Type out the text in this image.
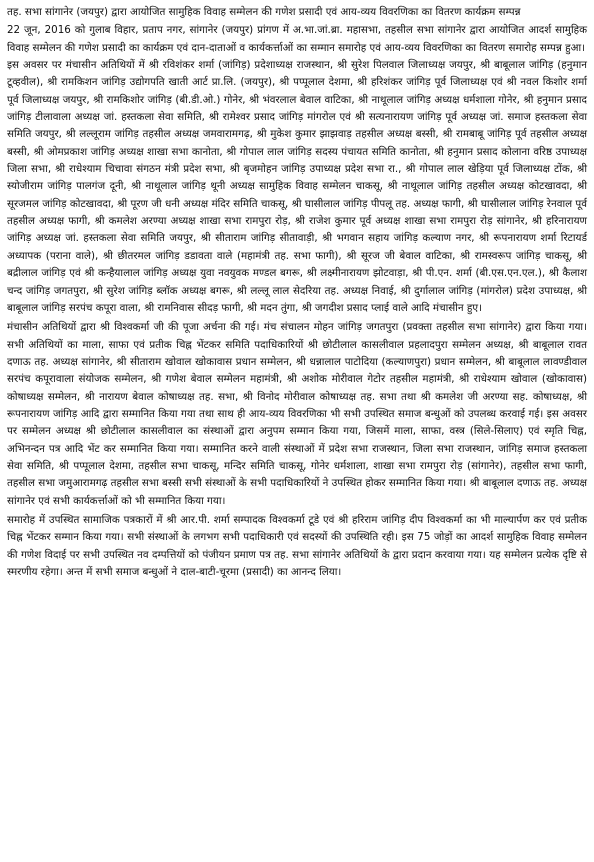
तह. सभा सांगानेर (जयपुर) द्वारा आयोजित सामुहिक विवाह सम्मेलन की गणेश प्रसादी एवं आय-व्यय विवरणिका का वितरण कार्यक्रम सम्पन्न

22 जून, 2016 को गुलाब विहार, प्रताप नगर, सांगानेर (जयपुर) प्रांगण में अ.भा.जां.ब्रा. महासभा, तहसील सभा सांगानेर द्वारा आयोजित आदर्श सामुहिक विवाह सम्मेलन की गणेश प्रसादी का कार्यक्रम एवं दान-दाताओं व कार्यकर्त्ताओं का सम्मान समारोह एवं आय-व्यय विवरणिका का वितरण समारोह सम्पन्न हुआ।

इस अवसर पर मंचासीन अतिथियों में श्री रविशंकर शर्मा (जांगिड़) प्रदेशाध्यक्ष राजस्थान, श्री सुरेश पिलवाल जिलाध्यक्ष जयपुर, श्री बाबूलाल जांगिड़ (हनुमान टूव्हवील), श्री रामकिशन जांगिड़ उद्योगपति खाती आर्ट प्रा.लि. (जयपुर), श्री पप्पूलाल देशमा, श्री हरिशंकर जांगिड़ पूर्व जिलाध्यक्ष एवं श्री नवल किशोर शर्मा पूर्व जिलाध्यक्ष जयपुर, श्री रामकिशोर जांगिड़ (बी.डी.ओ.) गोनेर, श्री भंवरलाल बेवाल वाटिका, श्री नाथूलाल जांगिड़ अध्यक्ष धर्मशाला गोनेर, श्री हनुमान प्रसाद जांगिड़ टीलावाला अध्यक्ष जां. हस्तकला सेवा समिति, श्री रामेश्वर प्रसाद जांगिड़ मांगरोल एवं श्री सत्यनारायण जांगिड़ पूर्व अध्यक्ष जां. समाज हस्तकला सेवा समिति जयपुर, श्री लल्लूराम जांगिड़ तहसील अध्यक्ष जमवारामगढ़, श्री मुकेश कुमार झाझवाड़ तहसील अध्यक्ष बस्सी, श्री रामबाबू जांगिड़ पूर्व तहसील अध्यक्ष बस्सी, श्री ओमप्रकाश जांगिड़ अध्यक्ष शाखा सभा कानोता, श्री गोपाल लाल जांगिड़ सदस्य पंचायत समिति कानोता, श्री हनुमान प्रसाद कोलाना वरिष्ठ उपाध्यक्ष जिला सभा, श्री राधेश्याम चिचावा संगठन मंत्री प्रदेश सभा, श्री बृजमोहन जांगिड़ उपाध्यक्ष प्रदेश सभा रा., श्री गोपाल लाल खेड़िया पूर्व जिलाध्यक्ष टोंक, श्री स्योजीराम जांगिड़ पालगंज दूनी, श्री नाथूलाल जांगिड़ थूनी अध्यक्ष सामुहिक विवाह सम्मेलन चाकसू, श्री नाथूलाल जांगिड़ तहसील अध्यक्ष कोटखावदा, श्री सूरजमल जांगिड़ कोटखावदा, श्री पूरण जी धनी अध्यक्ष मंदिर समिति चाकसू, श्री घासीलाल जांगिड़ पीपलू तह. अध्यक्ष फागी, श्री घासीलाल जांगिड़ रेनवाल पूर्व तहसील अध्यक्ष फागी, श्री कमलेश अरण्या अध्यक्ष शाखा सभा रामपुरा रोड़, श्री राजेश कुमार पूर्व अध्यक्ष शाखा सभा रामपुरा रोड़ सांगानेर, श्री हरिनारायण जांगिड़ अध्यक्ष जां. हस्तकला सेवा समिति जयपुर, श्री सीताराम जांगिड़ सीतावाड़ी, श्री भगवान सहाय जांगिड़ कल्याण नगर, श्री रूपनारायण शर्मा रिटायर्ड अध्यापक (पराना वाले), श्री छीतरमल जांगिड़ डडावता वाले (महामंत्री तह. सभा फागी), श्री सूरज जी बेवाल वाटिका, श्री रामस्वरूप जांगिड़ चाकसू, श्री बद्रीलाल जांगिड़ एवं श्री कन्हैयालाल जांगिड़ अध्यक्ष युवा नवयुवक मण्डल बगरू, श्री लक्ष्मीनारायण झोटवाड़ा, श्री पी.एन. शर्मा (बी.एस.एन.एल.), श्री कैलाश चन्द जांगिड़ जगतपुरा, श्री सुरेश जांगिड़ ब्लॉक अध्यक्ष बगरू, श्री लल्लू लाल सेदरिया तह. अध्यक्ष निवाई, श्री दुर्गालाल जांगिड़ (मांगरोल) प्रदेश उपाध्यक्ष, श्री बाबूलाल जांगिड़ सरपंच कपूरा वाला, श्री रामनिवास सीदड़ फागी, श्री मदन तुंगा, श्री जगदीश प्रसाद प्लाई वाले आदि मंचासीन हुए।

मंचासीन अतिथियों द्वारा श्री विश्वकर्मा जी की पूजा अर्चना की गई। मंच संचालन मोहन जांगिड़ जगतपुरा (प्रवक्ता तहसील सभा सांगानेर) द्वारा किया गया। सभी अतिथियों का माला, साफा एवं प्रतीक चिह्न भेंटकर समिति पदाधिकारियों श्री छोटीलाल कासलीवाल प्रहलादपुरा सम्मेलन अध्यक्ष, श्री बाबूलाल रावत दणाऊ तह. अध्यक्ष सांगानेर, श्री सीताराम खोवाल खोकावास प्रधान सम्मेलन, श्री धन्नालाल पाटोदिया (कल्याणपुरा) प्रधान सम्मेलन, श्री बाबूलाल लावण्डीवाल सरपंच कपूरावाला संयोजक सम्मेलन, श्री गणेश बेवाल सम्मेलन महामंत्री, श्री अशोक मोरीवाल गेटोर तहसील महामंत्री, श्री राधेश्याम खोवाल (खोकावास) कोषाध्यक्ष सम्मेलन, श्री नारायण बेवाल कोषाध्यक्ष तह. सभा, श्री विनोद मोरीवाल कोषाध्यक्ष तह. सभा तथा श्री कमलेश जी अरण्या सह. कोषाध्यक्ष, श्री रूपनारायण जांगिड़ आदि द्वारा सम्मानित किया गया तथा साथ ही आय-व्यय विवरणिका भी सभी उपस्थित समाज बन्धुओं को उपलब्ध करवाई गई। इस अवसर पर सम्मेलन अध्यक्ष श्री छोटीलाल कासलीवाल का संस्थाओं द्वारा अनुपम सम्मान किया गया, जिसमें माला, साफा, वस्त्र (सिले-सिलाए) एवं स्मृति चिह्न, अभिनन्दन पत्र आदि भेंट कर सम्मानित किया गया। सम्मानित करने वाली संस्थाओं में प्रदेश सभा राजस्थान, जिला सभा राजस्थान, जांगिड़ समाज हस्तकला सेवा समिति, श्री पप्पूलाल देशमा, तहसील सभा चाकसू, मन्दिर समिति चाकसू, गोनेर धर्मशाला, शाखा सभा रामपुरा रोड़ (सांगानेर), तहसील सभा फागी, तहसील सभा जमुआरामगढ़ तहसील सभा बस्सी सभी संस्थाओं के सभी पदाधिकारियों ने उपस्थित होकर सम्मानित किया गया। श्री बाबूलाल दणाऊ तह. अध्यक्ष सांगानेर एवं सभी कार्यकर्त्ताओं को भी सम्मानित किया गया।

समारोह में उपस्थित सामाजिक पत्रकारों में श्री आर.पी. शर्मा सम्पादक विश्वकर्मा टूडे एवं श्री हरिराम जांगिड़ दीप विश्वकर्मा का भी माल्यार्पण कर एवं प्रतीक चिह्न भेंटकर सम्मान किया गया। सभी संस्थाओं के लगभग सभी पदाधिकारी एवं सदस्यों की उपस्थिति रही। इस 75 जोड़ों का आदर्श सामुहिक विवाह सम्मेलन की गणेश विदाई पर सभी उपस्थित नव दम्पत्तियों को पंजीयन प्रमाण पत्र तह. सभा सांगानेर अतिथियों के द्वारा प्रदान करवाया गया। यह सम्मेलन प्रत्येक दृष्टि से स्मरणीय रहेगा। अन्त में सभी समाज बन्धुओं ने दाल-बाटी-चूरमा (प्रसादी) का आनन्द लिया।
